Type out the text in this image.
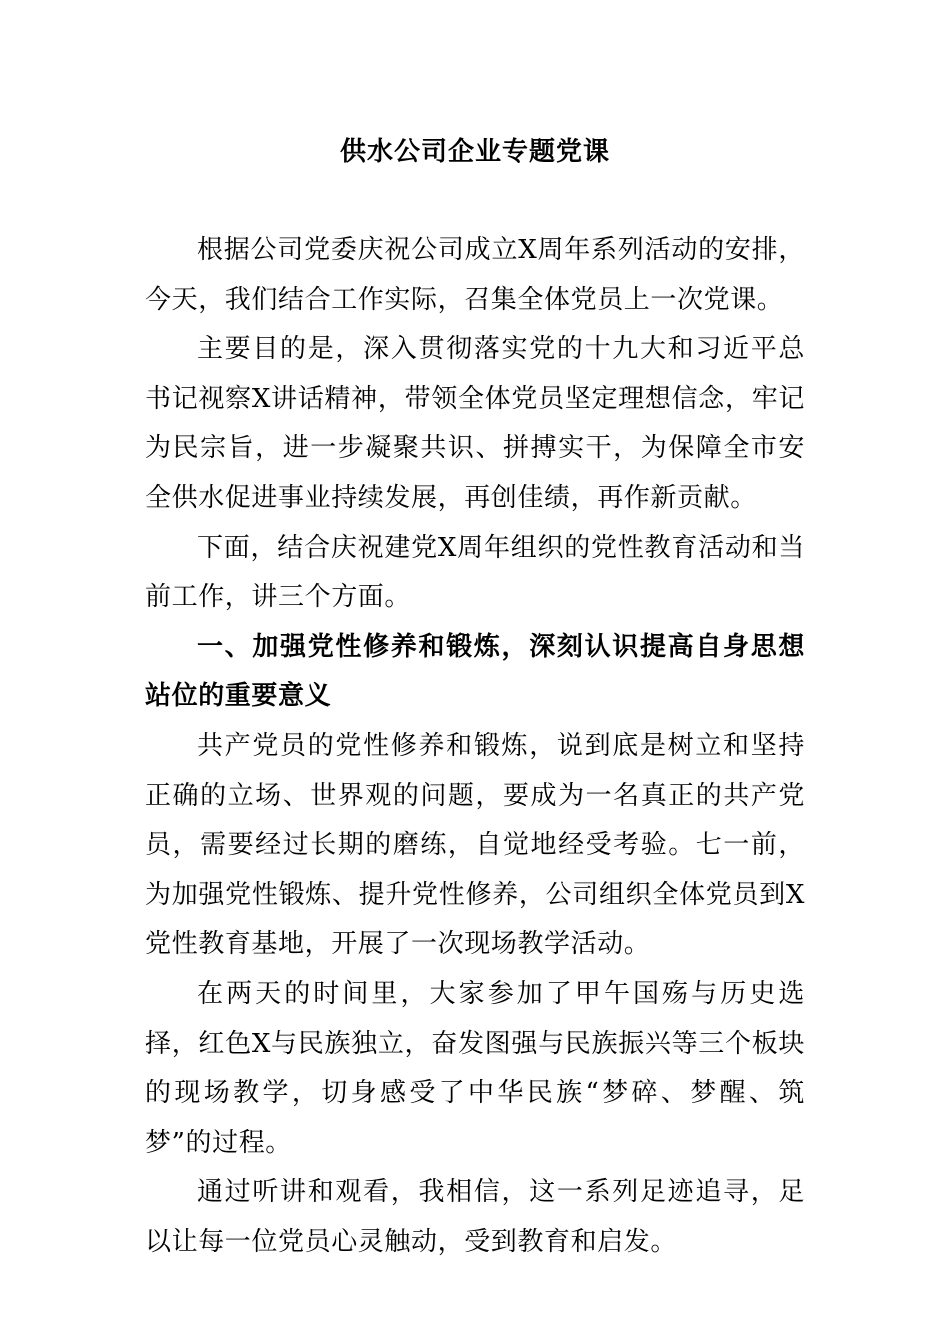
供水公司企业专题党课

根据公司党委庆祝公司成立X周年系列活动的安排，今天，我们结合工作实际，召集全体党员上一次党课。

主要目的是，深入贯彻落实党的十九大和习近平总书记视察X讲话精神，带领全体党员坚定理想信念，牢记为民宗旨，进一步凝聚共识、拼搏实干，为保障全市安全供水促进事业持续发展，再创佳绩，再作新贡献。

下面，结合庆祝建党X周年组织的党性教育活动和当前工作，讲三个方面。

一、加强党性修养和锻炼，深刻认识提高自身思想站位的重要意义

共产党员的党性修养和锻炼，说到底是树立和坚持正确的立场、世界观的问题，要成为一名真正的共产党员，需要经过长期的磨练，自觉地经受考验。七一前，为加强党性锻炼、提升党性修养，公司组织全体党员到X党性教育基地，开展了一次现场教学活动。

在两天的时间里，大家参加了甲午国殇与历史选择，红色X与民族独立，奋发图强与民族振兴等三个板块的现场教学，切身感受了中华民族“梦碎、梦醒、筑梦”的过程。

通过听讲和观看，我相信，这一系列足迹追寻，足以让每一位党员心灵触动，受到教育和启发。
